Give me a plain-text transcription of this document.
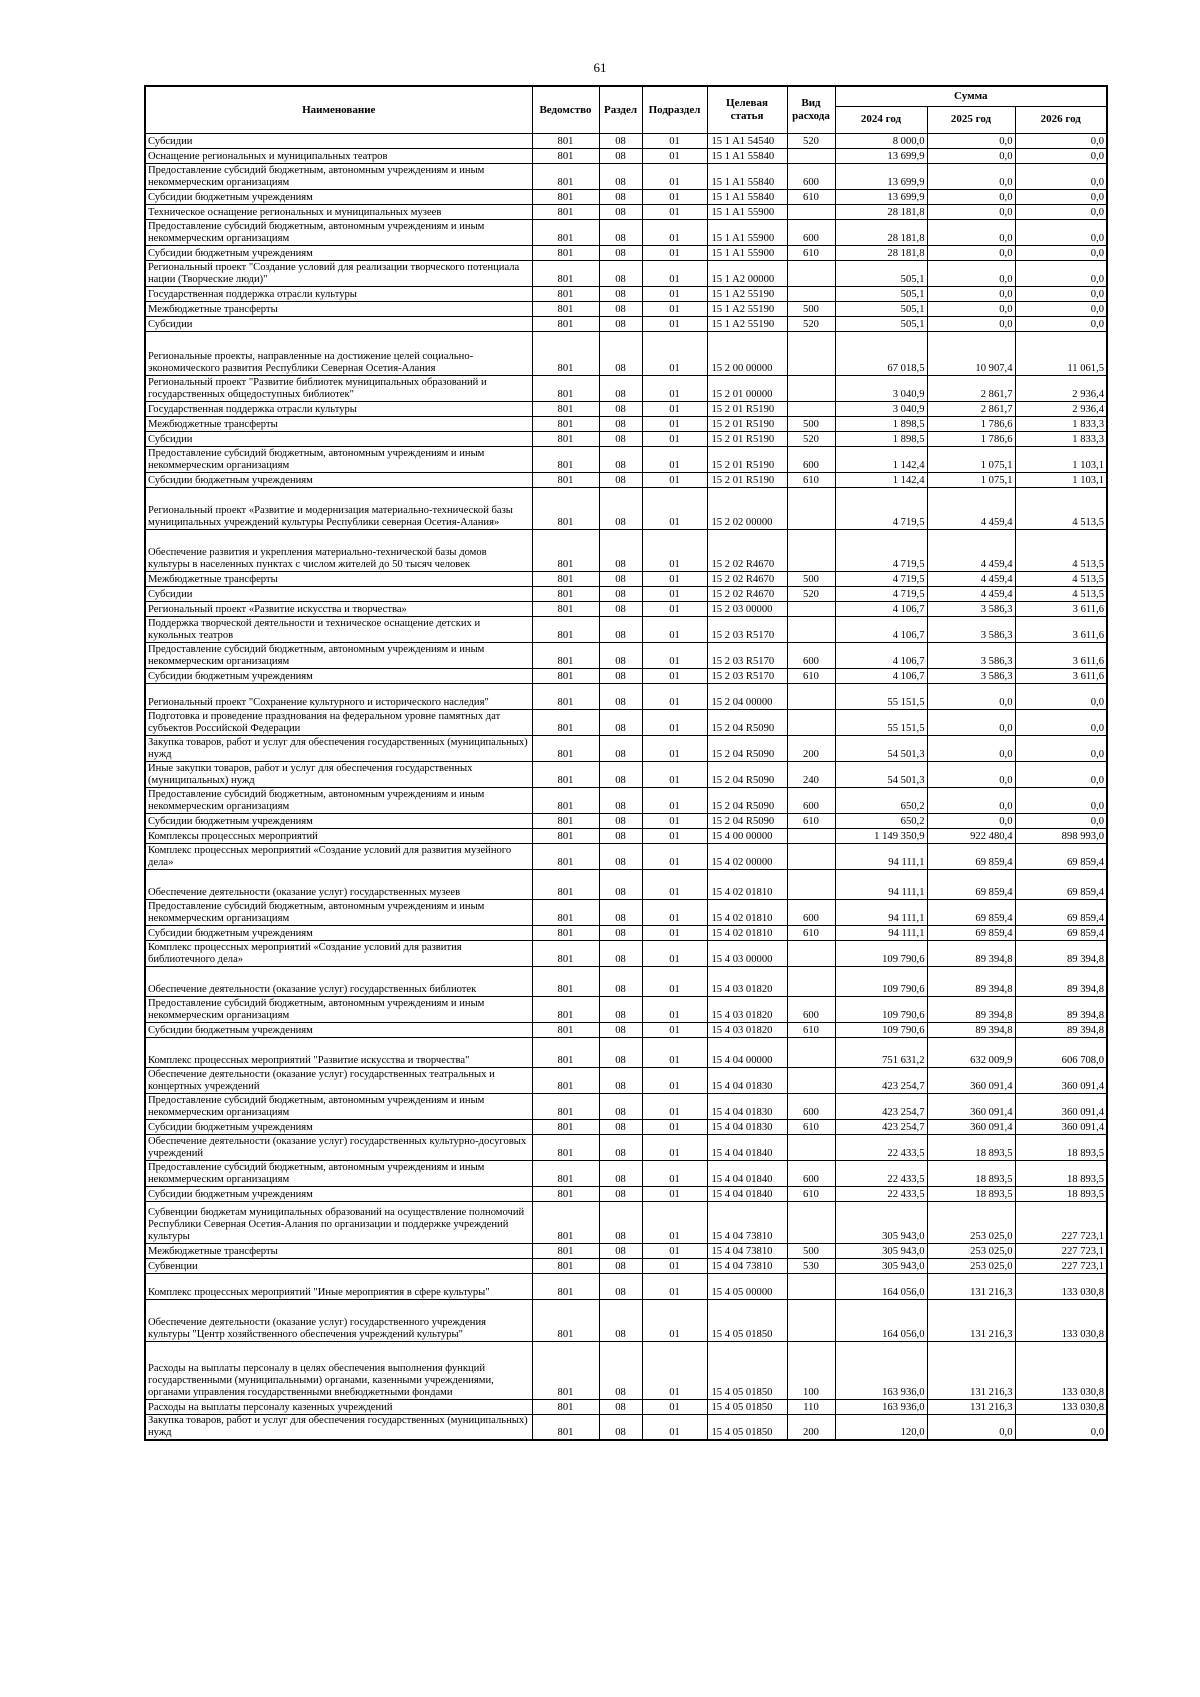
61
Наименование	Ведомство	Раздел	Подраздел	Целевая статья	Вид расхода	Сумма		
						2024 год	2025 год	2026 год
Субсидии	801	08	01	15 1 A1 54540	520	8 000,0	0,0	0,0
Оснащение региональных и муниципальных театров	801	08	01	15 1 A1 55840		13 699,9	0,0	0,0
Предоставление субсидий бюджетным, автономным учреждениям и иным некоммерческим организациям	801	08	01	15 1 A1 55840	600	13 699,9	0,0	0,0
Субсидии бюджетным учреждениям	801	08	01	15 1 A1 55840	610	13 699,9	0,0	0,0
Техническое оснащение региональных и муниципальных музеев	801	08	01	15 1 A1 55900		28 181,8	0,0	0,0
Предоставление субсидий бюджетным, автономным учреждениям и иным некоммерческим организациям	801	08	01	15 1 A1 55900	600	28 181,8	0,0	0,0
Субсидии бюджетным учреждениям	801	08	01	15 1 A1 55900	610	28 181,8	0,0	0,0
Региональный проект "Создание условий для реализации творческого потенциала нации (Творческие люди)"	801	08	01	15 1 A2 00000		505,1	0,0	0,0
Государственная поддержка отрасли культуры	801	08	01	15 1 A2 55190		505,1	0,0	0,0
Межбюджетные трансферты	801	08	01	15 1 A2 55190	500	505,1	0,0	0,0
Субсидии	801	08	01	15 1 A2 55190	520	505,1	0,0	0,0
Региональные проекты, направленные на достижение целей социально-экономического развития Республики Северная Осетия-Алания	801	08	01	15 2 00 00000		67 018,5	10 907,4	11 061,5
Региональный проект "Развитие библиотек муниципальных образований и государственных общедоступных библиотек"	801	08	01	15 2 01 00000		3 040,9	2 861,7	2 936,4
Государственная поддержка отрасли культуры	801	08	01	15 2 01 R5190		3 040,9	2 861,7	2 936,4
Межбюджетные трансферты	801	08	01	15 2 01 R5190	500	1 898,5	1 786,6	1 833,3
Субсидии	801	08	01	15 2 01 R5190	520	1 898,5	1 786,6	1 833,3
Предоставление субсидий бюджетным, автономным учреждениям и иным некоммерческим организациям	801	08	01	15 2 01 R5190	600	1 142,4	1 075,1	1 103,1
Субсидии бюджетным учреждениям	801	08	01	15 2 01 R5190	610	1 142,4	1 075,1	1 103,1
Региональный проект «Развитие и модернизация материально-технической базы муниципальных учреждений культуры Республики северная Осетия-Алания»	801	08	01	15 2 02 00000		4 719,5	4 459,4	4 513,5
Обеспечение развития и укрепления материально-технической базы домов культуры в населенных пунктах с числом жителей до 50 тысяч человек	801	08	01	15 2 02 R4670		4 719,5	4 459,4	4 513,5
Межбюджетные трансферты	801	08	01	15 2 02 R4670	500	4 719,5	4 459,4	4 513,5
Субсидии	801	08	01	15 2 02 R4670	520	4 719,5	4 459,4	4 513,5
Региональный проект «Развитие искусства и творчества»	801	08	01	15 2 03 00000		4 106,7	3 586,3	3 611,6
Поддержка творческой деятельности и техническое оснащение детских и кукольных театров	801	08	01	15 2 03 R5170		4 106,7	3 586,3	3 611,6
Предоставление субсидий бюджетным, автономным учреждениям и иным некоммерческим организациям	801	08	01	15 2 03 R5170	600	4 106,7	3 586,3	3 611,6
Субсидии бюджетным учреждениям	801	08	01	15 2 03 R5170	610	4 106,7	3 586,3	3 611,6
Региональный проект "Сохранение культурного и исторического наследия"	801	08	01	15 2 04 00000		55 151,5	0,0	0,0
Подготовка и проведение празднования на федеральном уровне памятных дат субъектов Российской Федерации	801	08	01	15 2 04 R5090		55 151,5	0,0	0,0
Закупка товаров, работ и услуг для обеспечения государственных (муниципальных) нужд	801	08	01	15 2 04 R5090	200	54 501,3	0,0	0,0
Иные закупки товаров, работ и услуг для обеспечения государственных (муниципальных) нужд	801	08	01	15 2 04 R5090	240	54 501,3	0,0	0,0
Предоставление субсидий бюджетным, автономным учреждениям и иным некоммерческим организациям	801	08	01	15 2 04 R5090	600	650,2	0,0	0,0
Субсидии бюджетным учреждениям	801	08	01	15 2 04 R5090	610	650,2	0,0	0,0
Комплексы процессных мероприятий	801	08	01	15 4 00 00000		1 149 350,9	922 480,4	898 993,0
Комплекс процессных мероприятий «Создание условий для развития музейного дела»	801	08	01	15 4 02 00000		94 111,1	69 859,4	69 859,4
Обеспечение деятельности (оказание услуг) государственных музеев	801	08	01	15 4 02 01810		94 111,1	69 859,4	69 859,4
Предоставление субсидий бюджетным, автономным учреждениям и иным некоммерческим организациям	801	08	01	15 4 02 01810	600	94 111,1	69 859,4	69 859,4
Субсидии бюджетным учреждениям	801	08	01	15 4 02 01810	610	94 111,1	69 859,4	69 859,4
Комплекс процессных мероприятий «Создание условий для развития библиотечного дела»	801	08	01	15 4 03 00000		109 790,6	89 394,8	89 394,8
Обеспечение деятельности (оказание услуг) государственных библиотек	801	08	01	15 4 03 01820		109 790,6	89 394,8	89 394,8
Предоставление субсидий бюджетным, автономным учреждениям и иным некоммерческим организациям	801	08	01	15 4 03 01820	600	109 790,6	89 394,8	89 394,8
Субсидии бюджетным учреждениям	801	08	01	15 4 03 01820	610	109 790,6	89 394,8	89 394,8
Комплекс процессных мероприятий "Развитие искусства и творчества"	801	08	01	15 4 04 00000		751 631,2	632 009,9	606 708,0
Обеспечение деятельности (оказание услуг) государственных театральных и концертных учреждений	801	08	01	15 4 04 01830		423 254,7	360 091,4	360 091,4
Предоставление субсидий бюджетным, автономным учреждениям и иным некоммерческим организациям	801	08	01	15 4 04 01830	600	423 254,7	360 091,4	360 091,4
Субсидии бюджетным учреждениям	801	08	01	15 4 04 01830	610	423 254,7	360 091,4	360 091,4
Обеспечение деятельности (оказание услуг) государственных культурно-досуговых учреждений	801	08	01	15 4 04 01840		22 433,5	18 893,5	18 893,5
Предоставление субсидий бюджетным, автономным учреждениям и иным некоммерческим организациям	801	08	01	15 4 04 01840	600	22 433,5	18 893,5	18 893,5
Субсидии бюджетным учреждениям	801	08	01	15 4 04 01840	610	22 433,5	18 893,5	18 893,5
Субвенции бюджетам муниципальных образований на осуществление полномочий Республики Северная Осетия-Алания по организации и поддержке учреждений культуры	801	08	01	15 4 04 73810		305 943,0	253 025,0	227 723,1
Межбюджетные трансферты	801	08	01	15 4 04 73810	500	305 943,0	253 025,0	227 723,1
Субвенции	801	08	01	15 4 04 73810	530	305 943,0	253 025,0	227 723,1
Комплекс процессных мероприятий "Иные мероприятия в сфере культуры"	801	08	01	15 4 05 00000		164 056,0	131 216,3	133 030,8
Обеспечение деятельности (оказание услуг) государственного учреждения культуры "Центр хозяйственного обеспечения учреждений культуры"	801	08	01	15 4 05 01850		164 056,0	131 216,3	133 030,8
Расходы на выплаты персоналу в целях обеспечения выполнения функций государственными (муниципальными) органами, казенными учреждениями, органами управления государственными внебюджетными фондами	801	08	01	15 4 05 01850	100	163 936,0	131 216,3	133 030,8
Расходы на выплаты персоналу казенных учреждений	801	08	01	15 4 05 01850	110	163 936,0	131 216,3	133 030,8
Закупка товаров, работ и услуг для обеспечения государственных (муниципальных) нужд	801	08	01	15 4 05 01850	200	120,0	0,0	0,0
